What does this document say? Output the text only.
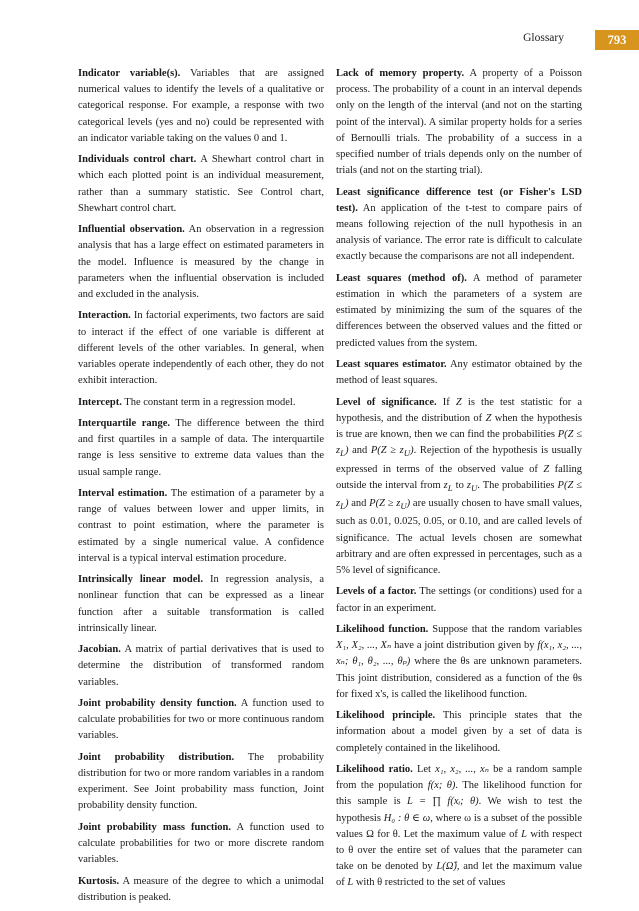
Glossary	793

Indicator variable(s). Variables that are assigned numerical values to identify the levels of a qualitative or categorical response. For example, a response with two categorical levels (yes and no) could be represented with an indicator variable taking on the values 0 and 1.

Individuals control chart. A Shewhart control chart in which each plotted point is an individual measurement, rather than a summary statistic. See Control chart, Shewhart control chart.

Influential observation. An observation in a regression analysis that has a large effect on estimated parameters in the model. Influence is measured by the change in parameters when the influential observation is included and excluded in the analysis.

Interaction. In factorial experiments, two factors are said to interact if the effect of one variable is different at different levels of the other variables. In general, when variables operate independently of each other, they do not exhibit interaction.

Intercept. The constant term in a regression model.

Interquartile range. The difference between the third and first quartiles in a sample of data. The interquartile range is less sensitive to extreme data values than the usual sample range.

Interval estimation. The estimation of a parameter by a range of values between lower and upper limits, in contrast to point estimation, where the parameter is estimated by a single numerical value. A confidence interval is a typical interval estimation procedure.

Intrinsically linear model. In regression analysis, a nonlinear function that can be expressed as a linear function after a suitable transformation is called intrinsically linear.

Jacobian. A matrix of partial derivatives that is used to determine the distribution of transformed random variables.

Joint probability density function. A function used to calculate probabilities for two or more continuous random variables.

Joint probability distribution. The probability distribution for two or more random variables in a random experiment. See Joint probability mass function, Joint probability density function.

Joint probability mass function. A function used to calculate probabilities for two or more discrete random variables.

Kurtosis. A measure of the degree to which a unimodal distribution is peaked.

Lack of memory property. A property of a Poisson process. The probability of a count in an interval depends only on the length of the interval (and not on the starting point of the interval). A similar property holds for a series of Bernoulli trials. The probability of a success in a specified number of trials depends only on the number of trials (and not on the starting trial).

Least significance difference test (or Fisher's LSD test). An application of the t-test to compare pairs of means following rejection of the null hypothesis in an analysis of variance. The error rate is difficult to calculate exactly because the comparisons are not all independent.

Least squares (method of). A method of parameter estimation in which the parameters of a system are estimated by minimizing the sum of the squares of the differences between the observed values and the fitted or predicted values from the system.

Least squares estimator. Any estimator obtained by the method of least squares.

Level of significance. If Z is the test statistic for a hypothesis, and the distribution of Z when the hypothesis is true are known, then we can find the probabilities $P(Z \le z_L)$ and $P(Z \ge z_U)$. Rejection of the hypothesis is usually expressed in terms of the observed value of Z falling outside the interval from $z_L$ to $z_U$. The probabilities $P(Z \le z_L)$ and $P(Z \ge z_U)$ are usually chosen to have small values, such as 0.01, 0.025, 0.05, or 0.10, and are called levels of significance. The actual levels chosen are somewhat arbitrary and are often expressed in percentages, such as a 5% level of significance.

Levels of a factor. The settings (or conditions) used for a factor in an experiment.

Likelihood function. Suppose that the random variables X₁, X₂, ..., Xₙ have a joint distribution given by f(x₁, x₂, ..., xₙ; θ₁, θ₂, ..., θₚ) where the θs are unknown parameters. This joint distribution, considered as a function of the θs for fixed x's, is called the likelihood function.

Likelihood principle. This principle states that the information about a model given by a set of data is completely contained in the likelihood.

Likelihood ratio. Let x₁, x₂, ..., xₙ be a random sample from the population f(x; θ). The likelihood function for this sample is L = ∏ f(xᵢ; θ). We wish to test the hypothesis H₀ : θ ∈ ω, where ω is a subset of the possible values Ω for θ. Let the maximum value of L with respect to θ over the entire set of values that the parameter can take on be denoted by L(Ω̂), and let the maximum value of L with θ restricted to the set of values
